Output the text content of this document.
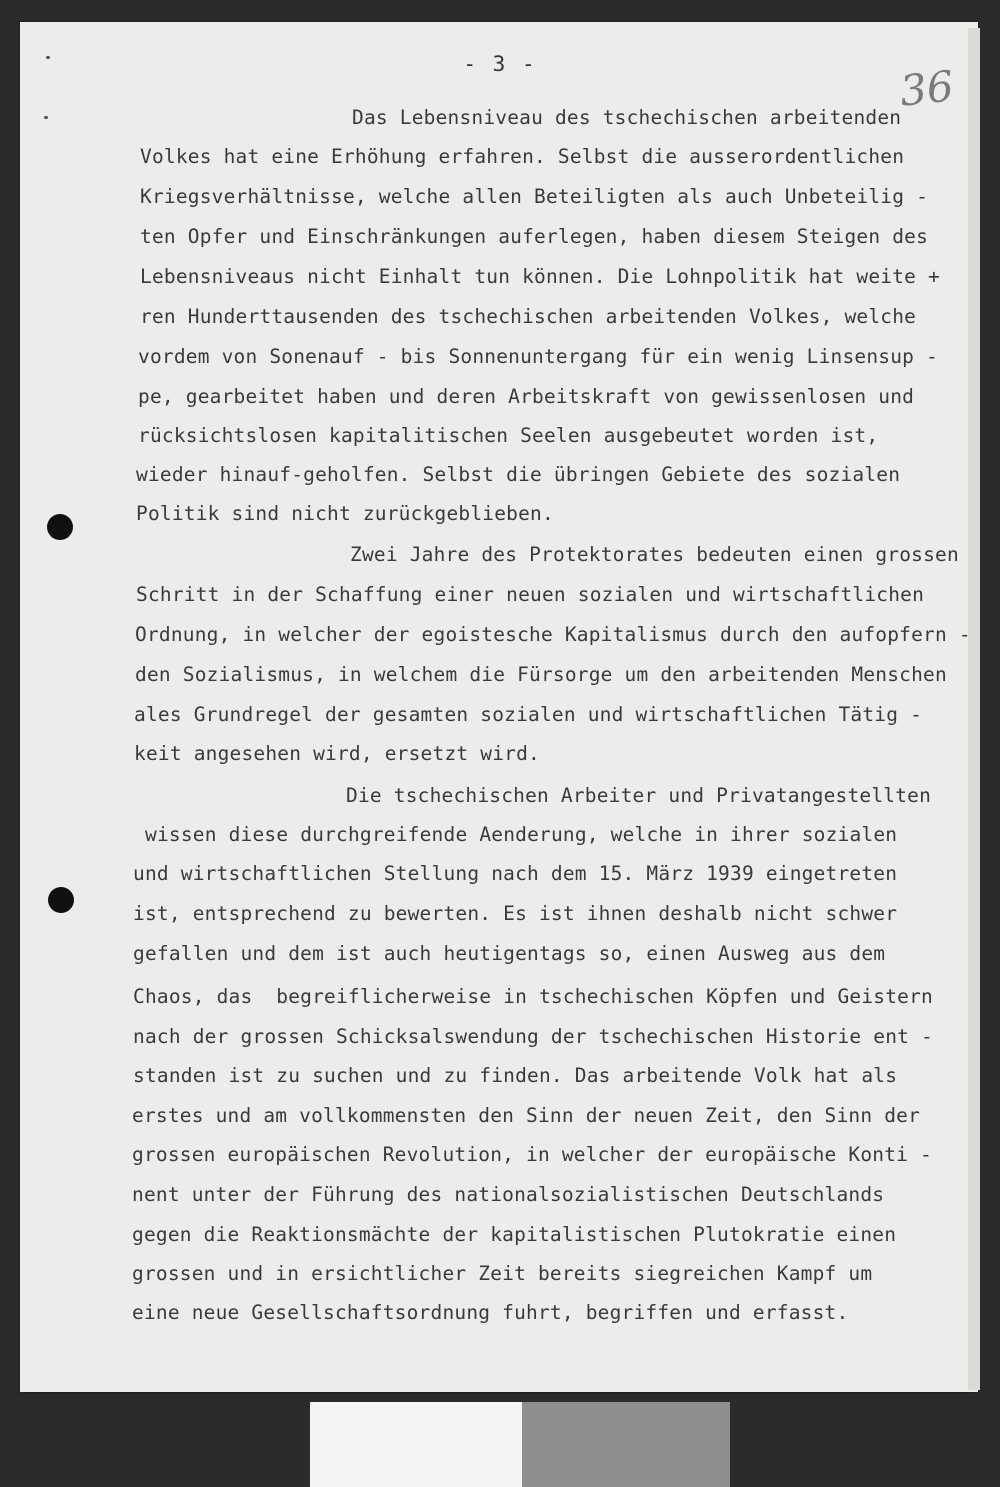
- 3 -	36
Das Lebensniveau des tschechischen arbeitenden
Volkes hat eine Erhöhung erfahren. Selbst die ausserordentlichen
Kriegsverhältnisse, welche allen Beteiligten als auch Unbeteilig -
ten Opfer und Einschränkungen auferlegen, haben diesem Steigen des
Lebensniveaus nicht Einhalt tun können. Die Lohnpolitik hat weite +
ren Hunderttausenden des tschechischen arbeitenden Volkes, welche
vordem von Sonenauf - bis Sonnenuntergang für ein wenig Linsensup -
pe, gearbeitet haben und deren Arbeitskraft von gewissenlosen und
rücksichtslosen kapitalitischen Seelen ausgebeutet worden ist,
wieder hinauf-geholfen. Selbst die übringen Gebiete des sozialen
Politik sind nicht zurückgeblieben.
Zwei Jahre des Protektorates bedeuten einen grossen
Schritt in der Schaffung einer neuen sozialen und wirtschaftlichen
Ordnung, in welcher der egoistesche Kapitalismus durch den aufopfern -
den Sozialismus, in welchem die Fürsorge um den arbeitenden Menschen
ales Grundregel der gesamten sozialen und wirtschaftlichen Tätig -
keit angesehen wird, ersetzt wird.
Die tschechischen Arbeiter und Privatangestellten
wissen diese durchgreifende Aenderung, welche in ihrer sozialen
und wirtschaftlichen Stellung nach dem 15. März 1939 eingetreten
ist, entsprechend zu bewerten. Es ist ihnen deshalb nicht schwer
gefallen und dem ist auch heutigentags so, einen Ausweg aus dem
Chaos, das  begreiflicherweise in tschechischen Köpfen und Geistern
nach der grossen Schicksalswendung der tschechischen Historie ent -
standen ist zu suchen und zu finden. Das arbeitende Volk hat als
erstes und am vollkommensten den Sinn der neuen Zeit, den Sinn der
grossen europäischen Revolution, in welcher der europäische Konti -
nent unter der Führung des nationalsozialistischen Deutschlands
gegen die Reaktionsmächte der kapitalistischen Plutokratie einen
grossen und in ersichtlicher Zeit bereits siegreichen Kampf um
eine neue Gesellschaftsordnung fuhrt, begriffen und erfasst.
